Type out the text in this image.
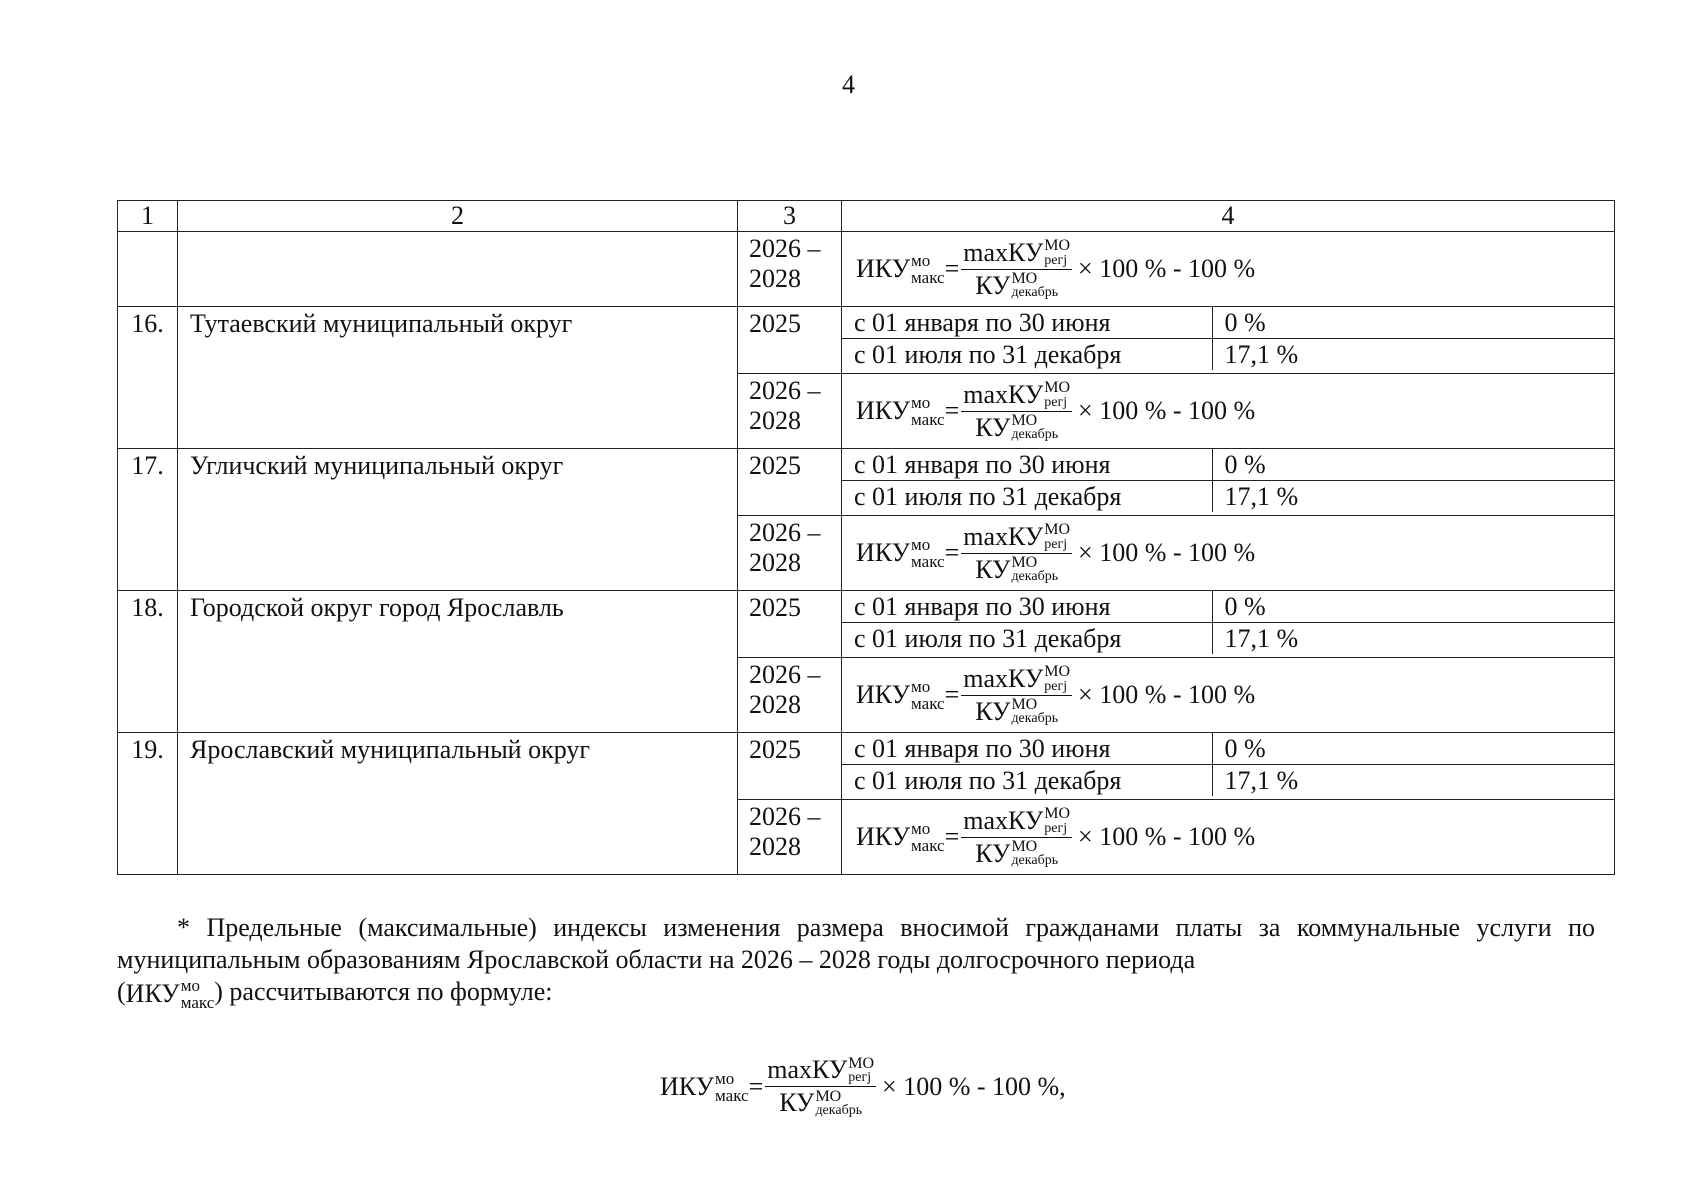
4
1	2	3	4
		2026 – 2028	ИКУ мо
макс = maxКУ МО
регj
КУ МО
декабрь × 100 % - 100 %

16.	Тутаевский муниципальный округ	2025	с 01 января по 30 июня	0 %
с 01 июля по 31 декабря	17,1 %

2026 – 2028	ИКУ мо
макс = maxКУ МО
регj
КУ МО
декабрь × 100 % - 100 %

17.	Угличский муниципальный округ	2025	с 01 января по 30 июня	0 %
с 01 июля по 31 декабря	17,1 %

2026 – 2028	ИКУ мо
макс = maxКУ МО
регj
КУ МО
декабрь × 100 % - 100 %

18.	Городской округ город Ярославль	2025	с 01 января по 30 июня	0 %
с 01 июля по 31 декабря	17,1 %

2026 – 2028	ИКУ мо
макс = maxКУ МО
регj
КУ МО
декабрь × 100 % - 100 %

19.	Ярославский муниципальный округ	2025	с 01 января по 30 июня	0 %
с 01 июля по 31 декабря	17,1 %

2026 – 2028	ИКУ мо
макс = maxКУ МО
регj
КУ МО
декабрь × 100 % - 100 %
* Предельные (максимальные) индексы изменения размера вносимой гражданами платы за коммунальные услуги по муниципальным образованиям Ярославской области на 2026 – 2028 годы долгосрочного периода
( ИКУ мо
макс ) рассчитываются по формуле:
ИКУ мо
макс = maxКУ МО
регj
КУ МО
декабрь × 100 % - 100 %,
